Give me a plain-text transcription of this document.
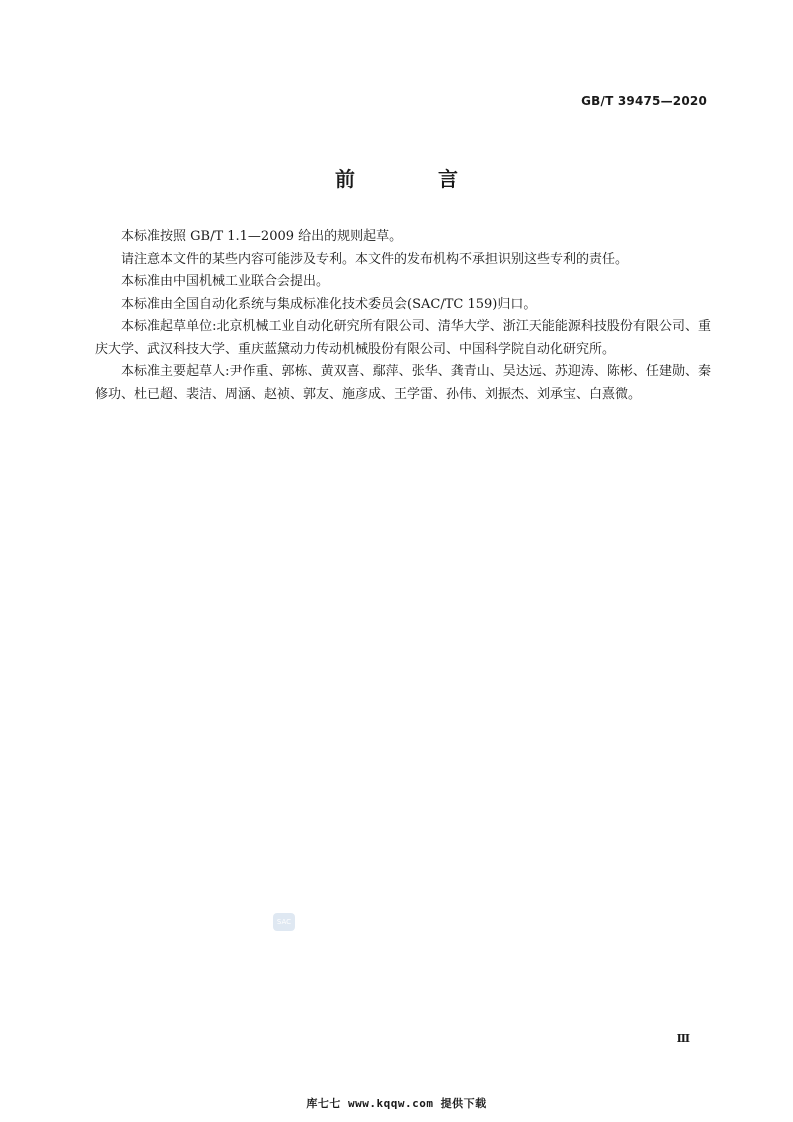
GB/T 39475—2020
前 言

本标准按照 GB/T 1.1—2009 给出的规则起草。

请注意本文件的某些内容可能涉及专利。本文件的发布机构不承担识别这些专利的责任。

本标准由中国机械工业联合会提出。

本标准由全国自动化系统与集成标准化技术委员会(SAC/TC 159)归口。

本标准起草单位:北京机械工业自动化研究所有限公司、清华大学、浙江天能能源科技股份有限公司、重庆大学、武汉科技大学、重庆蓝黛动力传动机械股份有限公司、中国科学院自动化研究所。

本标准主要起草人:尹作重、郭栋、黄双喜、鄢萍、张华、龚青山、吴达远、苏迎涛、陈彬、任建勋、秦修功、杜已超、裴洁、周涵、赵祯、郭友、施彦成、王学雷、孙伟、刘振杰、刘承宝、白熹微。

SAC
Ⅲ
库七七 www.kqqw.com 提供下载
